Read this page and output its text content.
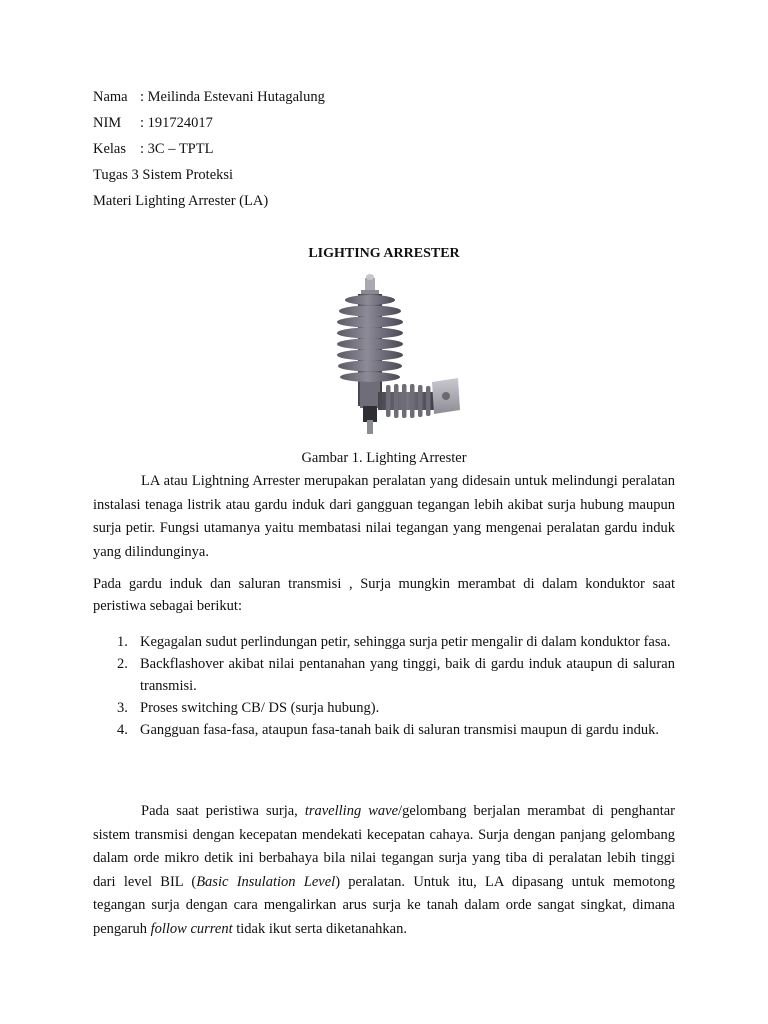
Nama : Meilinda Estevani Hutagalung
NIM : 191724017
Kelas : 3C – TPTL
Tugas 3 Sistem Proteksi
Materi Lighting Arrester (LA)
LIGHTING ARRESTER
Gambar 1. Lighting Arrester

LA atau Lightning Arrester merupakan peralatan yang didesain untuk melindungi peralatan instalasi tenaga listrik atau gardu induk dari gangguan tegangan lebih akibat surja hubung maupun surja petir. Fungsi utamanya yaitu membatasi nilai tegangan yang mengenai peralatan gardu induk yang dilindunginya.

Pada gardu induk dan saluran transmisi , Surja mungkin merambat di dalam konduktor saat peristiwa sebagai berikut:

1. Kegagalan sudut perlindungan petir, sehingga surja petir mengalir di dalam konduktor fasa.
2. Backflashover akibat nilai pentanahan yang tinggi, baik di gardu induk ataupun di saluran transmisi.
3. Proses switching CB/ DS (surja hubung).
4. Gangguan fasa-fasa, ataupun fasa-tanah baik di saluran transmisi maupun di gardu induk.

Pada saat peristiwa surja, travelling wave/gelombang berjalan merambat di penghantar sistem transmisi dengan kecepatan mendekati kecepatan cahaya. Surja dengan panjang gelombang dalam orde mikro detik ini berbahaya bila nilai tegangan surja yang tiba di peralatan lebih tinggi dari level BIL (Basic Insulation Level) peralatan. Untuk itu, LA dipasang untuk memotong tegangan surja dengan cara mengalirkan arus surja ke tanah dalam orde sangat singkat, dimana pengaruh follow current tidak ikut serta diketanahkan.
